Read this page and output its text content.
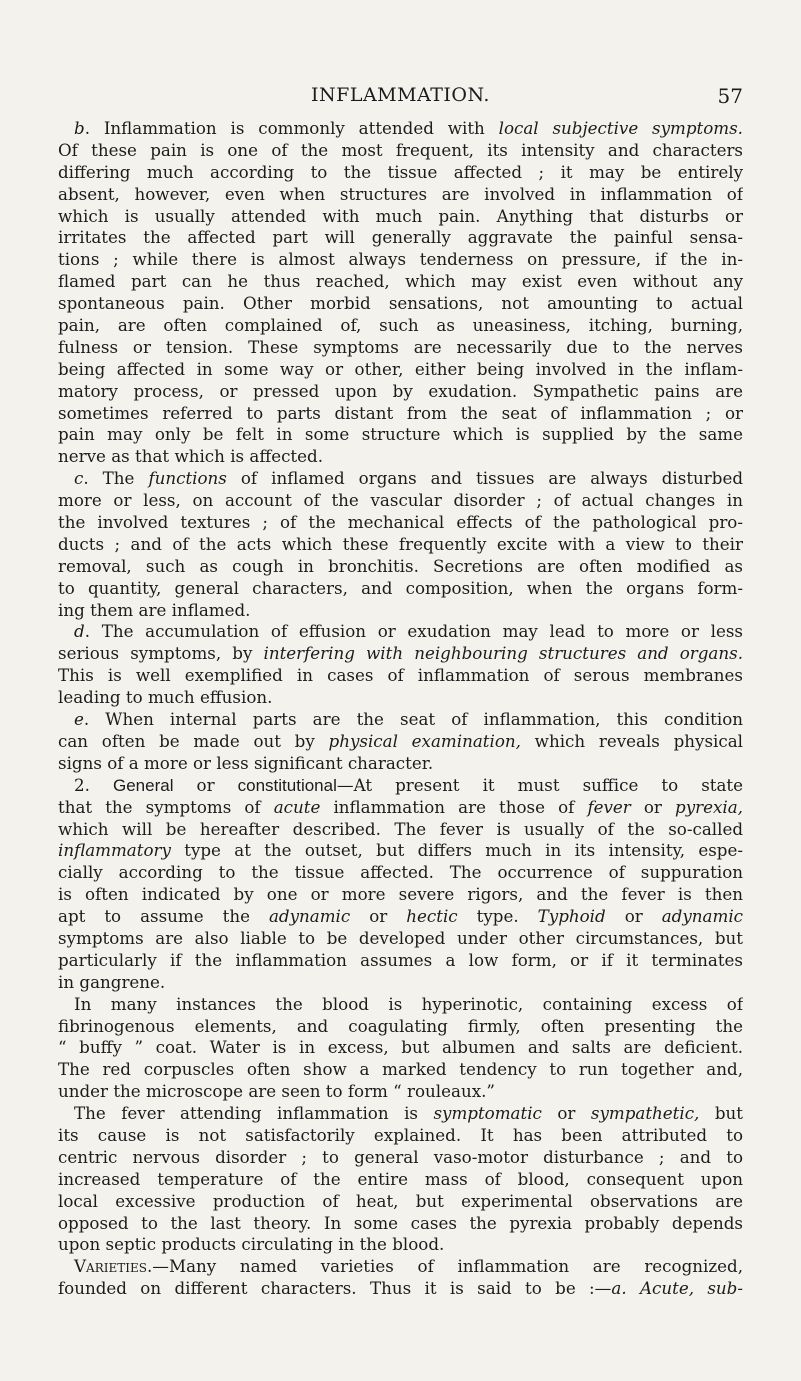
INFLAMMATION.	57
b. Inflammation is commonly attended with local subjective symptoms.
Of these pain is one of the most frequent, its intensity and characters
differing much according to the tissue affected ; it may be entirely
absent, however, even when structures are involved in inflammation of
which is usually attended with much pain. Anything that disturbs or
irritates the affected part will generally aggravate the painful sensa-
tions ; while there is almost always tenderness on pressure, if the in-
flamed part can he thus reached, which may exist even without any
spontaneous pain. Other morbid sensations, not amounting to actual
pain, are often complained of, such as uneasiness, itching, burning,
fulness or tension. These symptoms are necessarily due to the nerves
being affected in some way or other, either being involved in the inflam-
matory process, or pressed upon by exudation. Sympathetic pains are
sometimes referred to parts distant from the seat of inflammation ; or
pain may only be felt in some structure which is supplied by the same
nerve as that which is affected.
c. The functions of inflamed organs and tissues are always disturbed
more or less, on account of the vascular disorder ; of actual changes in
the involved textures ; of the mechanical effects of the pathological pro-
ducts ; and of the acts which these frequently excite with a view to their
removal, such as cough in bronchitis. Secretions are often modified as
to quantity, general characters, and composition, when the organs form-
ing them are inflamed.
d. The accumulation of effusion or exudation may lead to more or less
serious symptoms, by interfering with neighbouring structures and organs.
This is well exemplified in cases of inflammation of serous membranes
leading to much effusion.
e. When internal parts are the seat of inflammation, this condition
can often be made out by physical examination, which reveals physical
signs of a more or less significant character.
2. General or constitutional—At present it must suffice to state
that the symptoms of acute inflammation are those of fever or pyrexia,
which will be hereafter described. The fever is usually of the so-called
inflammatory type at the outset, but differs much in its intensity, espe-
cially according to the tissue affected. The occurrence of suppuration
is often indicated by one or more severe rigors, and the fever is then
apt to assume the adynamic or hectic type. Typhoid or adynamic
symptoms are also liable to be developed under other circumstances, but
particularly if the inflammation assumes a low form, or if it terminates
in gangrene.
In many instances the blood is hyperinotic, containing excess of
fibrinogenous elements, and coagulating firmly, often presenting the
“ buffy ” coat. Water is in excess, but albumen and salts are deficient.
The red corpuscles often show a marked tendency to run together and,
under the microscope are seen to form “ rouleaux.”
The fever attending inflammation is symptomatic or sympathetic, but
its cause is not satisfactorily explained. It has been attributed to
centric nervous disorder ; to general vaso-motor disturbance ; and to
increased temperature of the entire mass of blood, consequent upon
local excessive production of heat, but experimental observations are
opposed to the last theory. In some cases the pyrexia probably depends
upon septic products circulating in the blood.
Varieties.—Many named varieties of inflammation are recognized,
founded on different characters. Thus it is said to be :—a. Acute, sub-
